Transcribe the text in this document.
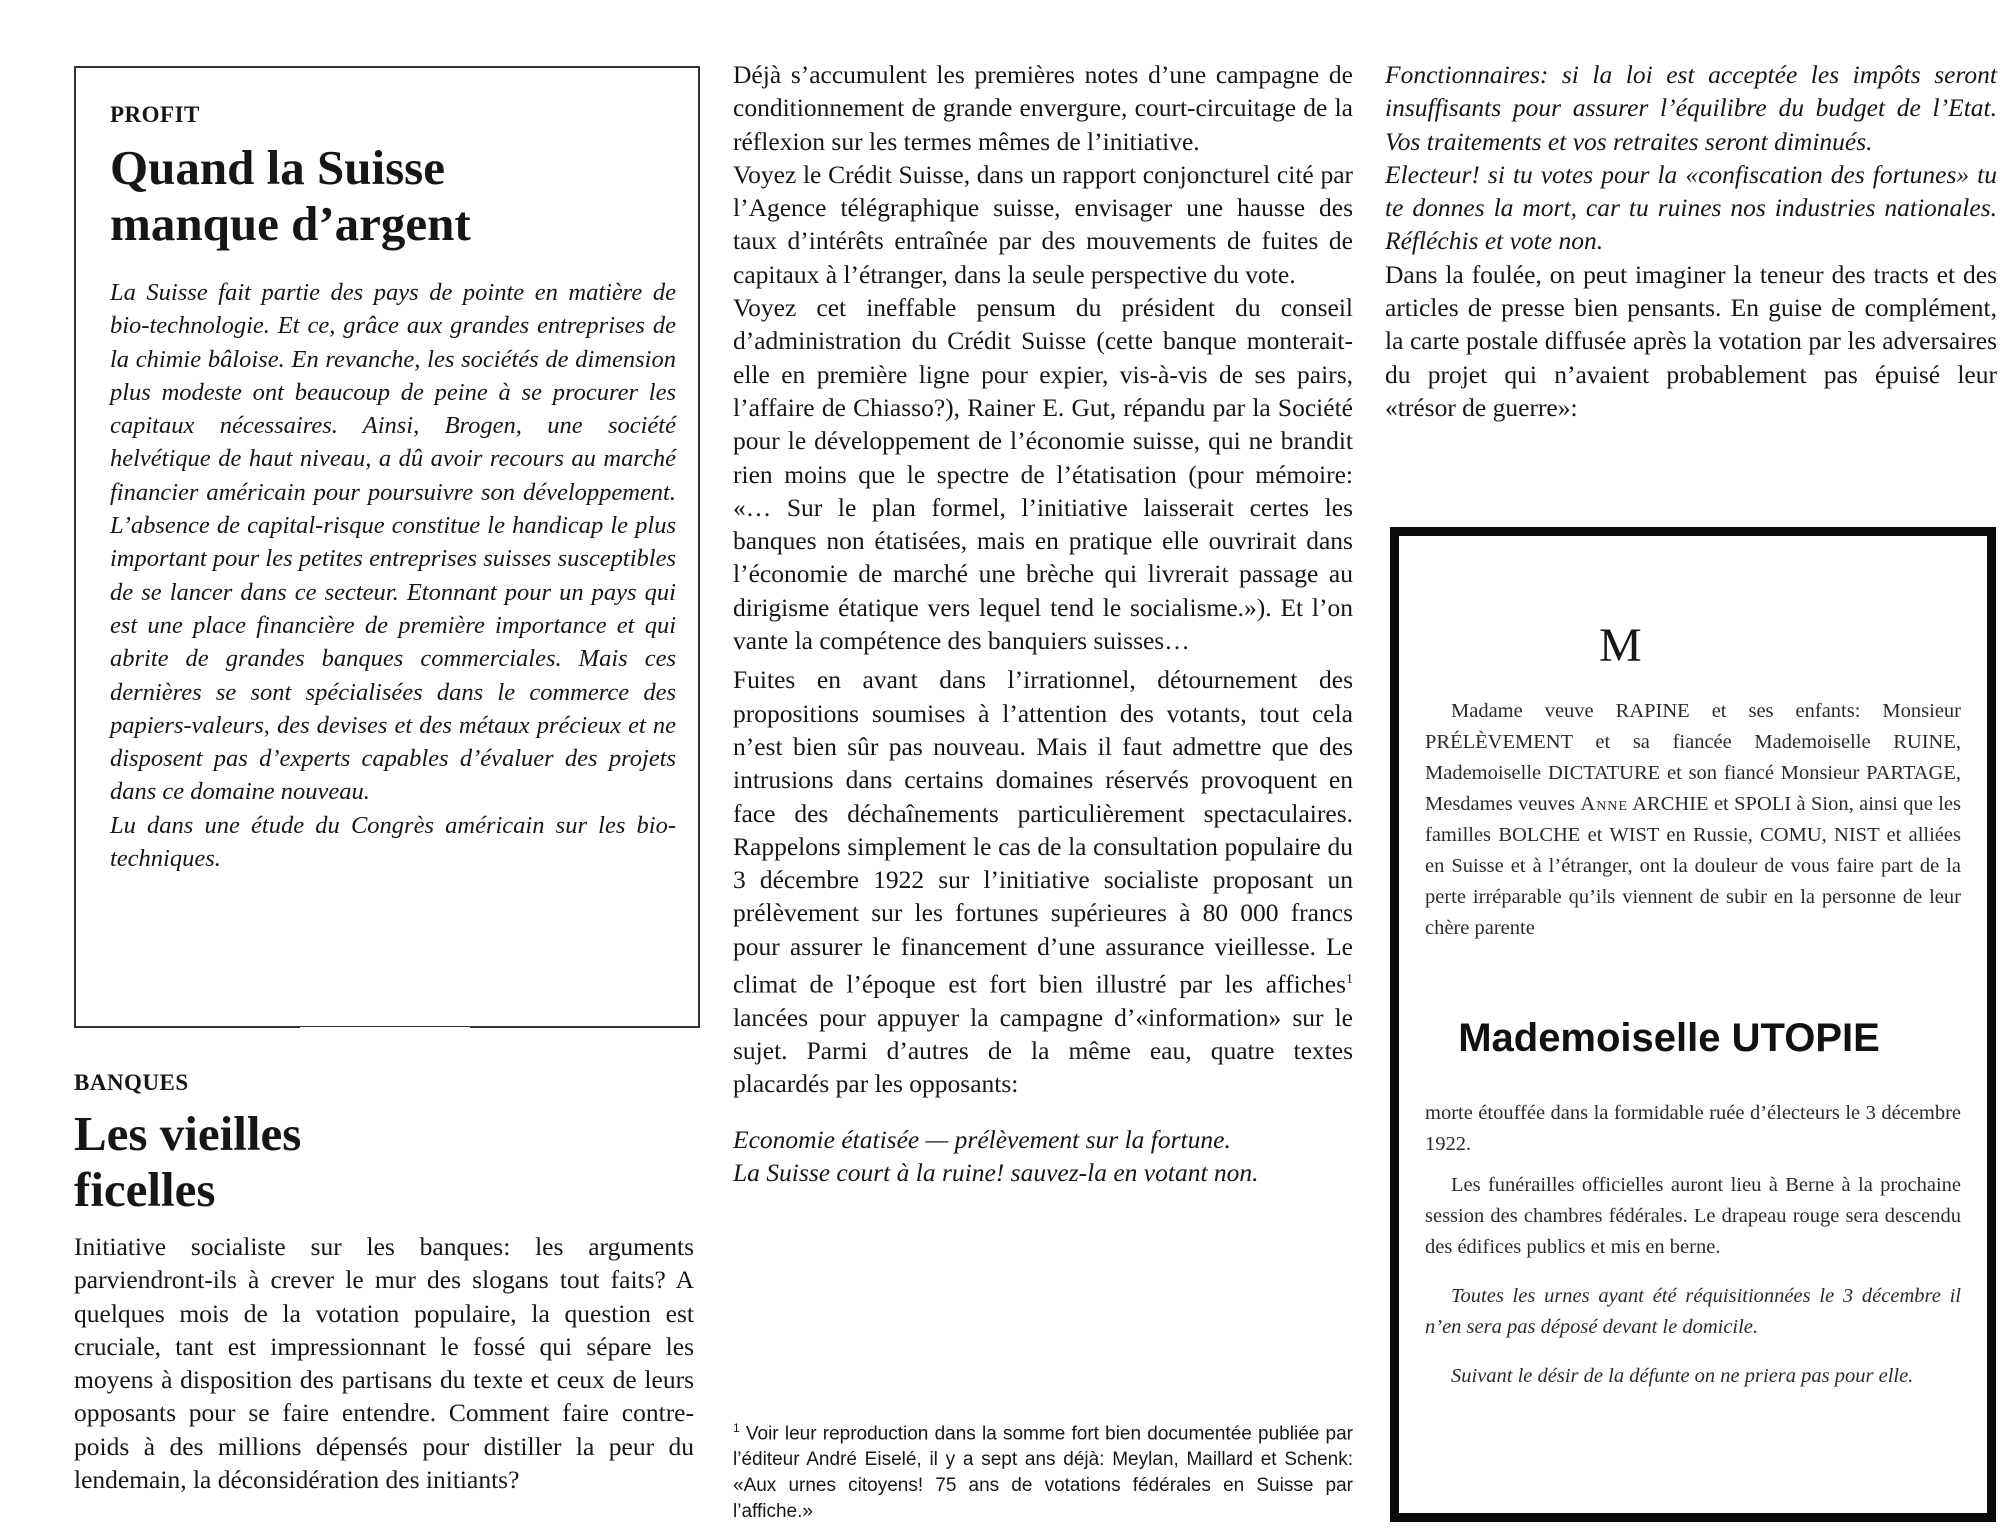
PROFIT
Quand la Suisse
manque d’argent

La Suisse fait partie des pays de pointe en matière de bio-technologie. Et ce, grâce aux grandes entreprises de la chimie bâloise. En revanche, les sociétés de dimension plus modeste ont beaucoup de peine à se procurer les capitaux nécessaires. Ainsi, Brogen, une société helvétique de haut niveau, a dû avoir recours au marché financier américain pour poursuivre son développement. L’absence de capital-risque constitue le handicap le plus important pour les petites entreprises suisses susceptibles de se lancer dans ce secteur. Etonnant pour un pays qui est une place financière de première importance et qui abrite de grandes banques commerciales. Mais ces dernières se sont spécialisées dans le commerce des papiers-valeurs, des devises et des métaux précieux et ne disposent pas d’experts capables d’évaluer des projets dans ce domaine nouveau.

Lu dans une étude du Congrès américain sur les bio-techniques.

BANQUES
Les vieilles
ficelles

Initiative socialiste sur les banques: les arguments parviendront-ils à crever le mur des slogans tout faits? A quelques mois de la votation populaire, la question est cruciale, tant est impressionnant le fossé qui sépare les moyens à disposition des partisans du texte et ceux de leurs opposants pour se faire entendre. Comment faire contre-poids à des millions dépensés pour distiller la peur du lendemain, la déconsidération des initiants?

Déjà s’accumulent les premières notes d’une campagne de conditionnement de grande envergure, court-circuitage de la réflexion sur les termes mêmes de l’initiative.

Voyez le Crédit Suisse, dans un rapport conjoncturel cité par l’Agence télégraphique suisse, envisager une hausse des taux d’intérêts entraînée par des mouvements de fuites de capitaux à l’étranger, dans la seule perspective du vote.

Voyez cet ineffable pensum du président du conseil d’administration du Crédit Suisse (cette banque monterait-elle en première ligne pour expier, vis-à-vis de ses pairs, l’affaire de Chiasso?), Rainer E. Gut, répandu par la Société pour le développement de l’économie suisse, qui ne brandit rien moins que le spectre de l’étatisation (pour mémoire: «… Sur le plan formel, l’initiative laisserait certes les banques non étatisées, mais en pratique elle ouvrirait dans l’économie de marché une brèche qui livrerait passage au dirigisme étatique vers lequel tend le socialisme.»). Et l’on vante la compétence des banquiers suisses…

Fuites en avant dans l’irrationnel, détournement des propositions soumises à l’attention des votants, tout cela n’est bien sûr pas nouveau. Mais il faut admettre que des intrusions dans certains domaines réservés provoquent en face des déchaînements particulièrement spectaculaires. Rappelons simplement le cas de la consultation populaire du 3 décembre 1922 sur l’initiative socialiste proposant un prélèvement sur les fortunes supérieures à 80 000 francs pour assurer le financement d’une assurance vieillesse. Le climat de l’époque est fort bien illustré par les affiches$^1$ lancées pour appuyer la campagne d’«information» sur le sujet. Parmi d’autres de la même eau, quatre textes placardés par les opposants:

Economie étatisée — prélèvement sur la fortune.

La Suisse court à la ruine! sauvez-la en votant non.

$^1$ Voir leur reproduction dans la somme fort bien documentée publiée par l’éditeur André Eiselé, il y a sept ans déjà: Meylan, Maillard et Schenk: «Aux urnes citoyens! 75 ans de votations fédérales en Suisse par l’affiche.»

Fonctionnaires: si la loi est acceptée les impôts seront insuffisants pour assurer l’équilibre du budget de l’Etat. Vos traitements et vos retraites seront diminués.

Electeur! si tu votes pour la «confiscation des fortunes» tu te donnes la mort, car tu ruines nos industries nationales. Réfléchis et vote non.

Dans la foulée, on peut imaginer la teneur des tracts et des articles de presse bien pensants. En guise de complément, la carte postale diffusée après la votation par les adversaires du projet qui n’avaient probablement pas épuisé leur «trésor de guerre»:

M

Madame veuve RAPINE et ses enfants: Monsieur PRÉLÈVEMENT et sa fiancée Mademoiselle RUINE, Mademoiselle DICTATURE et son fiancé Monsieur PARTAGE, Mesdames veuves Anne ARCHIE et SPOLI à Sion, ainsi que les familles BOLCHE et WIST en Russie, COMU, NIST et alliées en Suisse et à l’étranger, ont la douleur de vous faire part de la perte irréparable qu’ils viennent de subir en la personne de leur chère parente

Mademoiselle UTOPIE

morte étouffée dans la formidable ruée d’électeurs le 3 décembre 1922.

Les funérailles officielles auront lieu à Berne à la prochaine session des chambres fédérales. Le drapeau rouge sera descendu des édifices publics et mis en berne.

Toutes les urnes ayant été réquisitionnées le 3 décembre il n’en sera pas déposé devant le domicile.

Suivant le désir de la défunte on ne priera pas pour elle.
